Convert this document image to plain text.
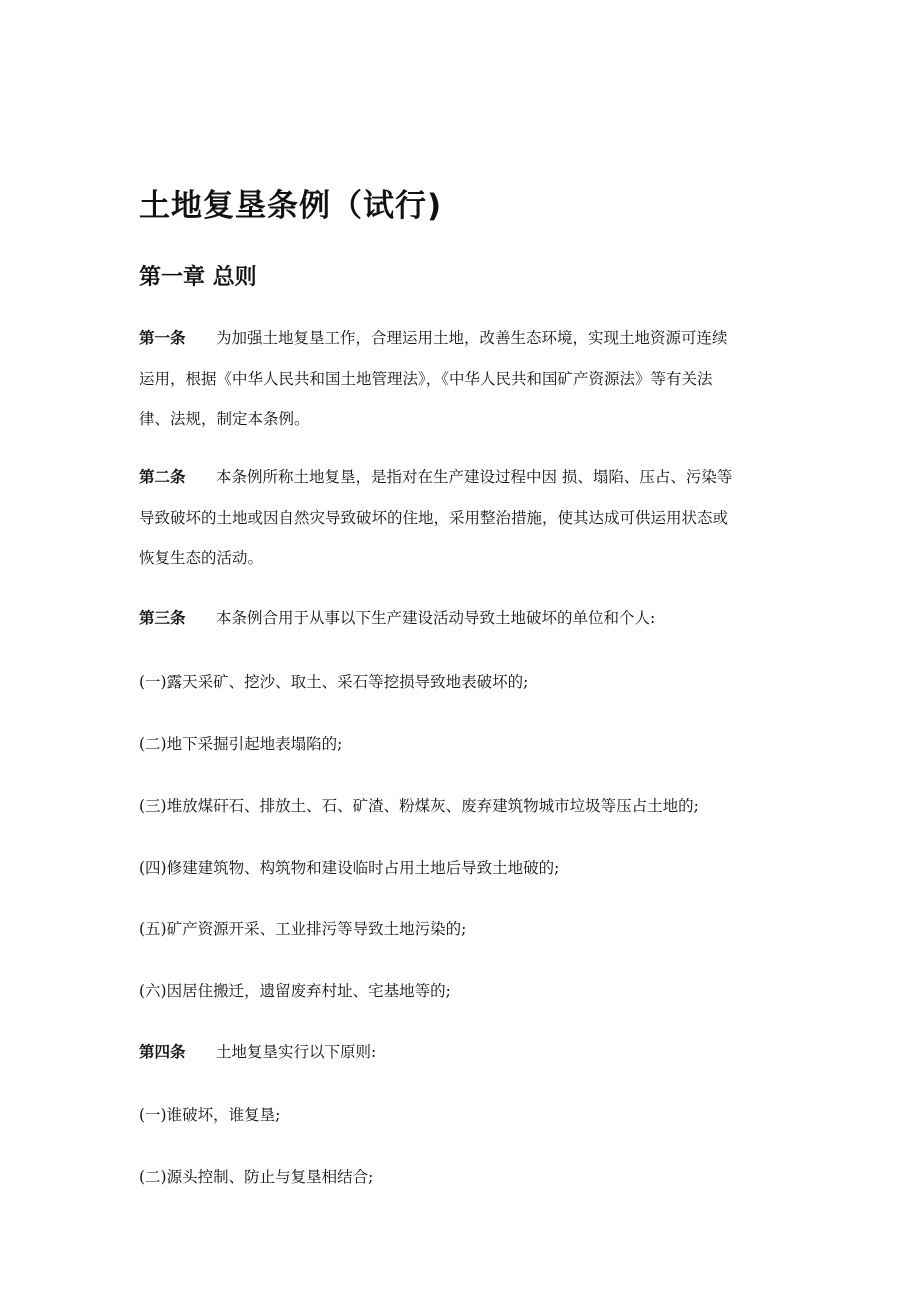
土地复垦条例（试行)
第一章 总则
第一条 为加强土地复垦工作，合理运用土地，改善生态环境，实现土地资源可连续
运用，根据《中华人民共和国土地管理法》，《中华人民共和国矿产资源法》等有关法
律、法规，制定本条例。
第二条 本条例所称土地复垦，是指对在生产建设过程中因 损、塌陷、压占、污染等
导致破坏的土地或因自然灾导致破坏的住地，采用整治措施，使其达成可供运用状态或
恢复生态的活动。
第三条 本条例合用于从事以下生产建设活动导致土地破坏的单位和个人:
(一)露天采矿、挖沙、取土、采石等挖损导致地表破坏的;
(二)地下采掘引起地表塌陷的;
(三)堆放煤矸石、排放土、石、矿渣、粉煤灰、废弃建筑物城市垃圾等压占土地的;
(四)修建建筑物、构筑物和建设临时占用土地后导致土地破的;
(五)矿产资源开采、工业排污等导致土地污染的;
(六)因居住搬迁，遗留废弃村址、宅基地等的;
第四条 土地复垦实行以下原则:
(一)谁破坏，谁复垦;
(二)源头控制、防止与复垦相结合;
